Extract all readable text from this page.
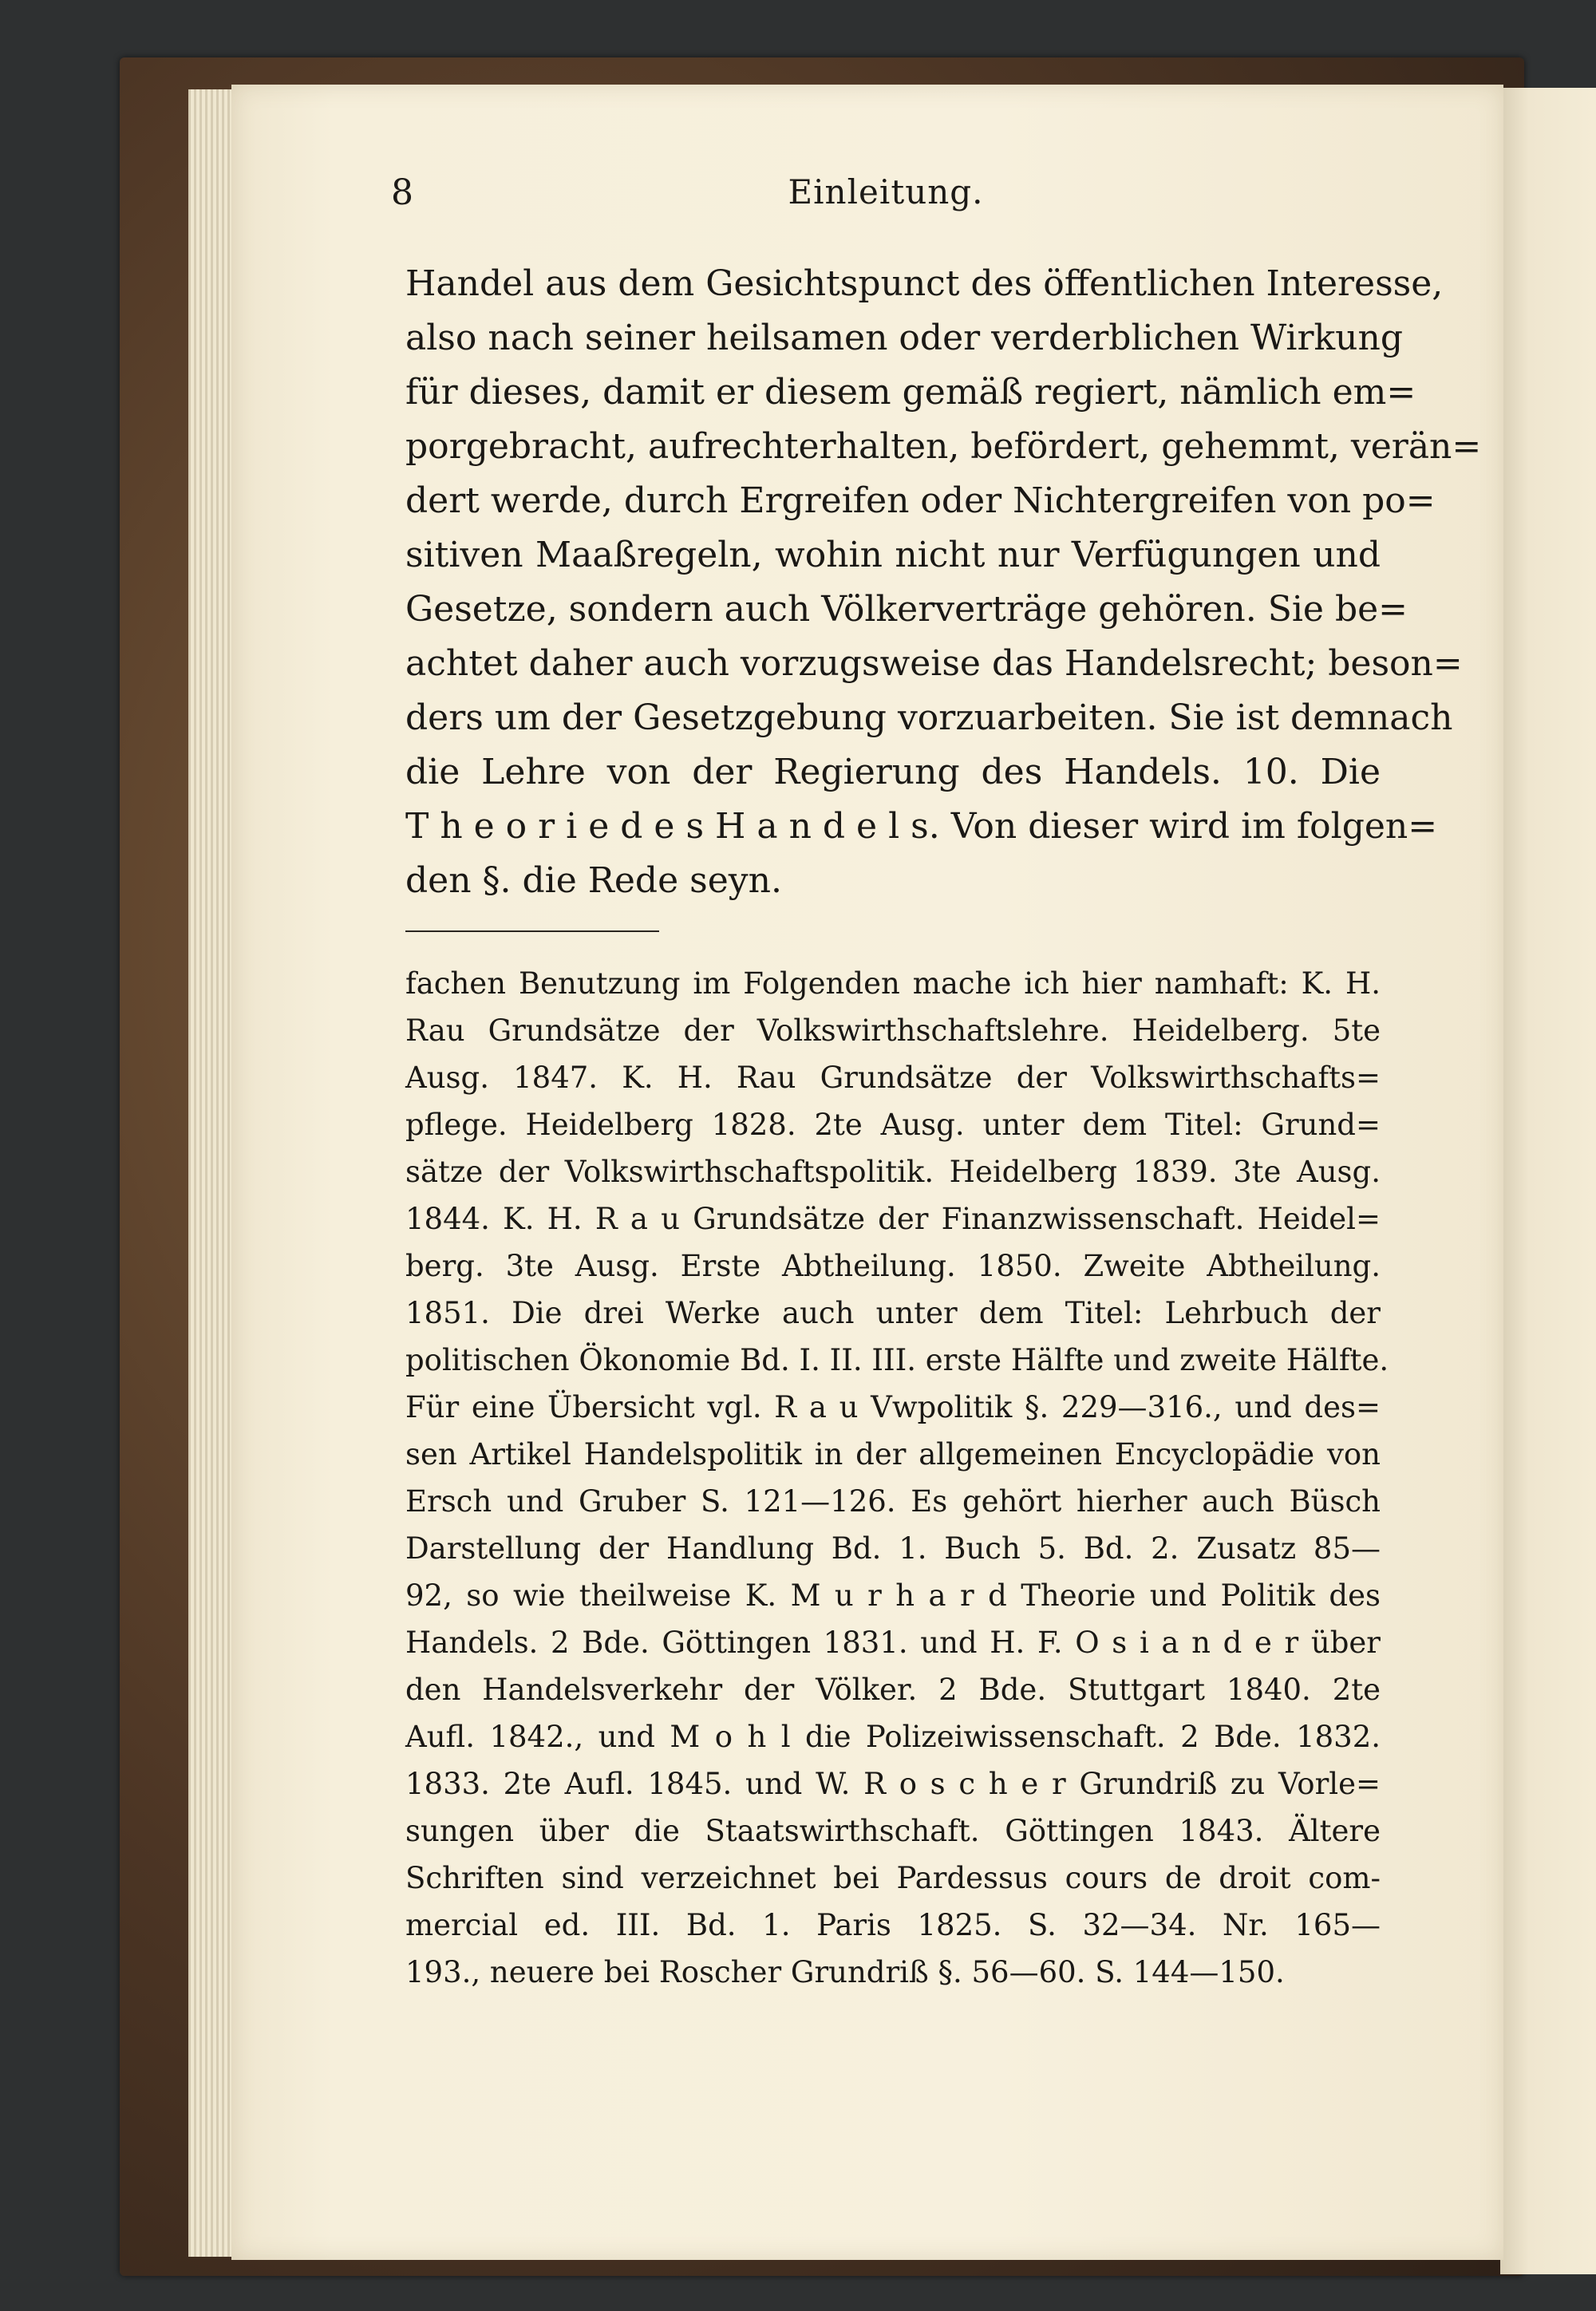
8	Einleitung.
Handel aus dem Gesichtspunct des öffentlichen Interesse,
also nach seiner heilsamen oder verderblichen Wirkung
für dieses, damit er diesem gemäß regiert, nämlich em=
porgebracht, aufrechterhalten, befördert, gehemmt, verän=
dert werde, durch Ergreifen oder Nichtergreifen von po=
sitiven Maaßregeln, wohin nicht nur Verfügungen und
Gesetze, sondern auch Völkerverträge gehören. Sie be=
achtet daher auch vorzugsweise das Handelsrecht; beson=
ders um der Gesetzgebung vorzuarbeiten. Sie ist demnach
die Lehre von der Regierung des Handels. 10. Die
T h e o r i e d e s H a n d e l s. Von dieser wird im folgen=
den §. die Rede seyn.
fachen Benutzung im Folgenden mache ich hier namhaft: K. H.
Rau Grundsätze der Volkswirthschaftslehre. Heidelberg. 5te
Ausg. 1847. K. H. Rau Grundsätze der Volkswirthschafts=
pflege. Heidelberg 1828. 2te Ausg. unter dem Titel: Grund=
sätze der Volkswirthschaftspolitik. Heidelberg 1839. 3te Ausg.
1844. K. H. R a u Grundsätze der Finanzwissenschaft. Heidel=
berg. 3te Ausg. Erste Abtheilung. 1850. Zweite Abtheilung.
1851. Die drei Werke auch unter dem Titel: Lehrbuch der
politischen Ökonomie Bd. I. II. III. erste Hälfte und zweite Hälfte.
Für eine Übersicht vgl. R a u Vwpolitik §. 229—316., und des=
sen Artikel Handelspolitik in der allgemeinen Encyclopädie von
Ersch und Gruber S. 121—126. Es gehört hierher auch Büsch
Darstellung der Handlung Bd. 1. Buch 5. Bd. 2. Zusatz 85—
92, so wie theilweise K. M u r h a r d Theorie und Politik des
Handels. 2 Bde. Göttingen 1831. und H. F. O s i a n d e r über
den Handelsverkehr der Völker. 2 Bde. Stuttgart 1840. 2te
Aufl. 1842., und M o h l die Polizeiwissenschaft. 2 Bde. 1832.
1833. 2te Aufl. 1845. und W. R o s c h e r Grundriß zu Vorle=
sungen über die Staatswirthschaft. Göttingen 1843. Ältere
Schriften sind verzeichnet bei Pardessus cours de droit com-
mercial ed. III. Bd. 1. Paris 1825. S. 32—34. Nr. 165—
193., neuere bei Roscher Grundriß §. 56—60. S. 144—150.
